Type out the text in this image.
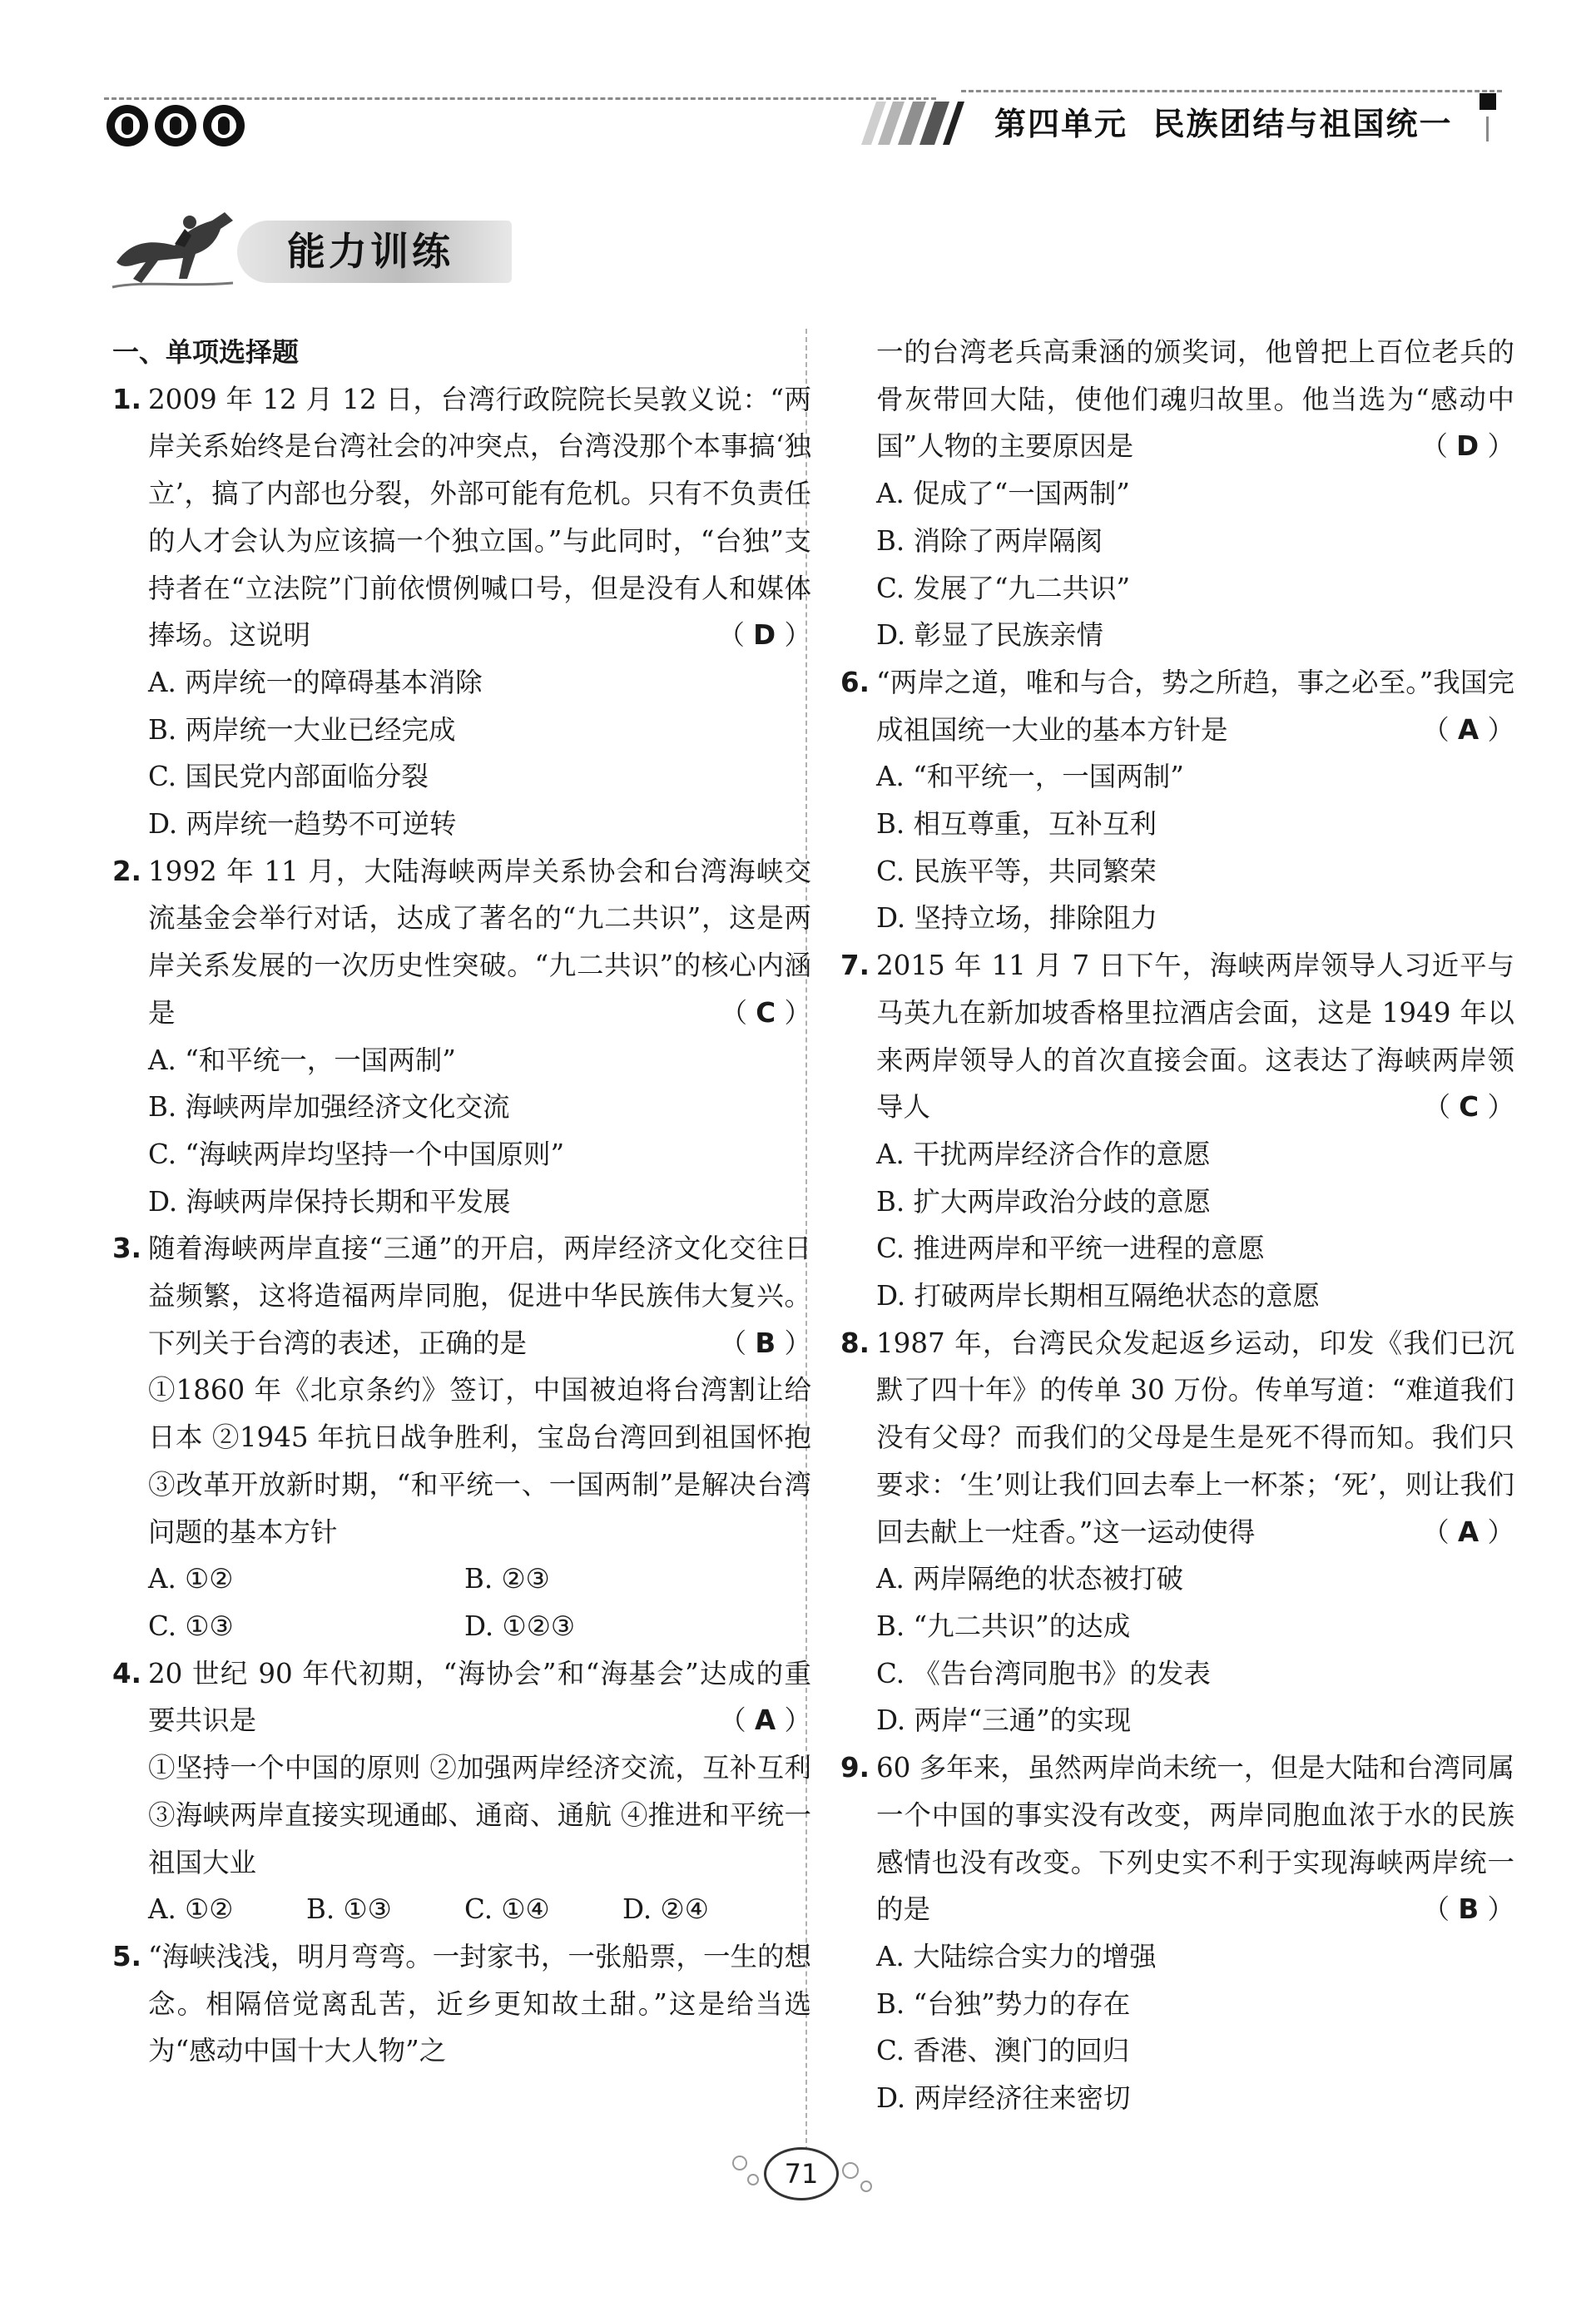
第四单元  民族团结与祖国统一
能力训练
一、单项选择题
1. 2009 年 12 月 12 日，台湾行政院院长吴敦义说：“两岸关系始终是台湾社会的冲突点，台湾没那个本事搞‘独立’，搞了内部也分裂，外部可能有危机。只有不负责任的人才会认为应该搞一个独立国。”与此同时，“台独”支持者在“立法院”门前依惯例喊口号，但是没有人和媒体捧场。这说明	（ D ）
A. 两岸统一的障碍基本消除
B. 两岸统一大业已经完成
C. 国民党内部面临分裂
D. 两岸统一趋势不可逆转
2. 1992 年 11 月，大陆海峡两岸关系协会和台湾海峡交流基金会举行对话，达成了著名的“九二共识”，这是两岸关系发展的一次历史性突破。“九二共识”的核心内涵是	（ C ）
A. “和平统一，一国两制”
B. 海峡两岸加强经济文化交流
C. “海峡两岸均坚持一个中国原则”
D. 海峡两岸保持长期和平发展
3. 随着海峡两岸直接“三通”的开启，两岸经济文化交往日益频繁，这将造福两岸同胞，促进中华民族伟大复兴。下列关于台湾的表述，正确的是	（ B ）
①1860 年《北京条约》签订，中国被迫将台湾割让给日本 ②1945 年抗日战争胜利，宝岛台湾回到祖国怀抱 ③改革开放新时期，“和平统一、一国两制”是解决台湾问题的基本方针
A. ①②	B. ②③
C. ①③	D. ①②③
4. 20 世纪 90 年代初期，“海协会”和“海基会”达成的重要共识是	（ A ）
①坚持一个中国的原则 ②加强两岸经济交流，互补互利 ③海峡两岸直接实现通邮、通商、通航 ④推进和平统一祖国大业
A. ①②	B. ①③	C. ①④	D. ②④
5. “海峡浅浅，明月弯弯。一封家书，一张船票，一生的想念。相隔倍觉离乱苦，近乡更知故土甜。”这是给当选为“感动中国十大人物”之
一的台湾老兵高秉涵的颁奖词，他曾把上百位老兵的骨灰带回大陆，使他们魂归故里。他当选为“感动中国”人物的主要原因是	（ D ）
A. 促成了“一国两制”
B. 消除了两岸隔阂
C. 发展了“九二共识”
D. 彰显了民族亲情
6. “两岸之道，唯和与合，势之所趋，事之必至。”我国完成祖国统一大业的基本方针是	（ A ）
A. “和平统一，一国两制”
B. 相互尊重，互补互利
C. 民族平等，共同繁荣
D. 坚持立场，排除阻力
7. 2015 年 11 月 7 日下午，海峡两岸领导人习近平与马英九在新加坡香格里拉酒店会面，这是 1949 年以来两岸领导人的首次直接会面。这表达了海峡两岸领导人	（ C ）
A. 干扰两岸经济合作的意愿
B. 扩大两岸政治分歧的意愿
C. 推进两岸和平统一进程的意愿
D. 打破两岸长期相互隔绝状态的意愿
8. 1987 年，台湾民众发起返乡运动，印发《我们已沉默了四十年》的传单 30 万份。传单写道：“难道我们没有父母？而我们的父母是生是死不得而知。我们只要求：‘生’则让我们回去奉上一杯茶；‘死’，则让我们回去献上一炷香。”这一运动使得	（ A ）
A. 两岸隔绝的状态被打破
B. “九二共识”的达成
C. 《告台湾同胞书》的发表
D. 两岸“三通”的实现
9. 60 多年来，虽然两岸尚未统一，但是大陆和台湾同属一个中国的事实没有改变，两岸同胞血浓于水的民族感情也没有改变。下列史实不利于实现海峡两岸统一的是	（ B ）
A. 大陆综合实力的增强
B. “台独”势力的存在
C. 香港、澳门的回归
D. 两岸经济往来密切
71
